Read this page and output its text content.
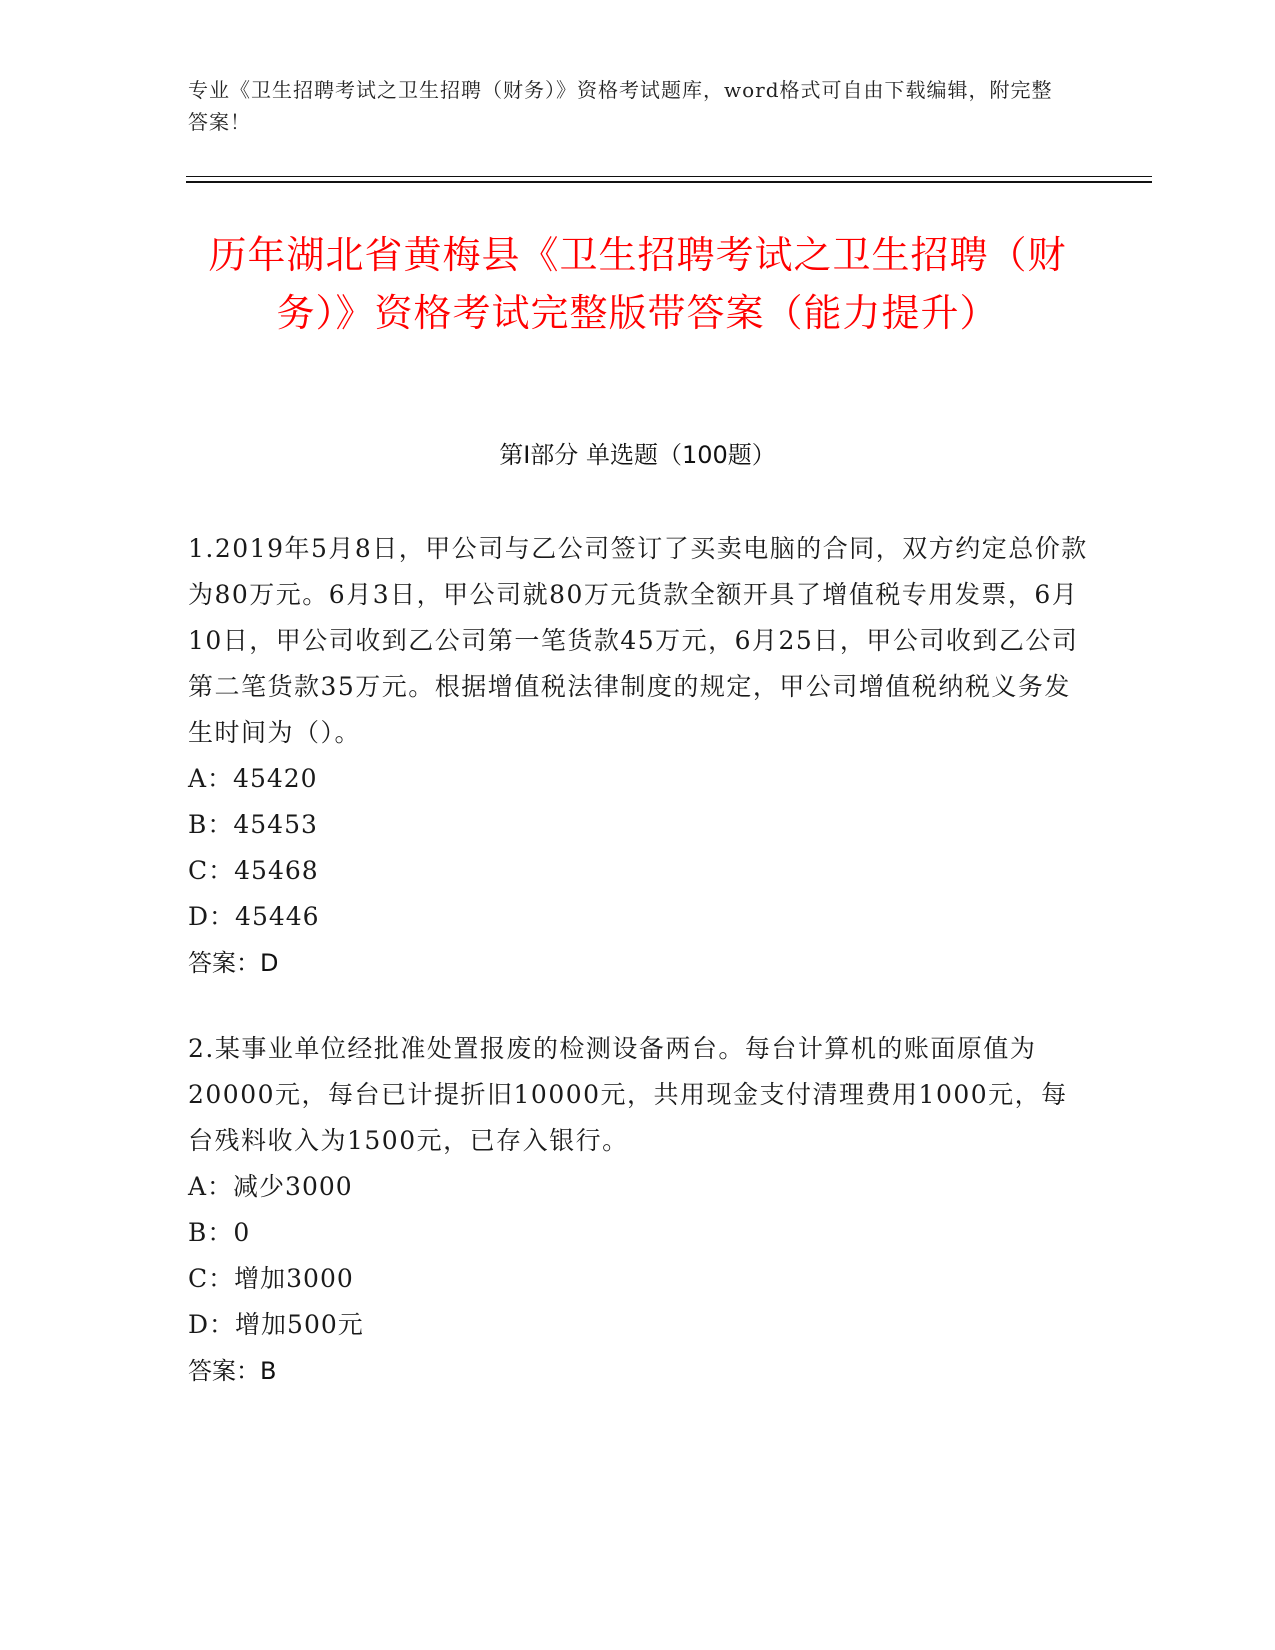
专业《卫生招聘考试之卫生招聘（财务）》资格考试题库，word格式可自由下载编辑，附完整答案！
历年湖北省黄梅县《卫生招聘考试之卫生招聘（财务）》资格考试完整版带答案（能力提升）
第I部分 单选题（100题）

1.2019年5月8日，甲公司与乙公司签订了买卖电脑的合同，双方约定总价款为80万元。6月3日，甲公司就80万元货款全额开具了增值税专用发票，6月10日，甲公司收到乙公司第一笔货款45万元，6月25日，甲公司收到乙公司第二笔货款35万元。根据增值税法律制度的规定，甲公司增值税纳税义务发生时间为（）。

A：45420

B：45453

C：45468

D：45446

答案：D

2.某事业单位经批准处置报废的检测设备两台。每台计算机的账面原值为20000元，每台已计提折旧10000元，共用现金支付清理费用1000元，每台残料收入为1500元，已存入银行。

A：减少3000

B：0

C：增加3000

D：增加500元

答案：B
